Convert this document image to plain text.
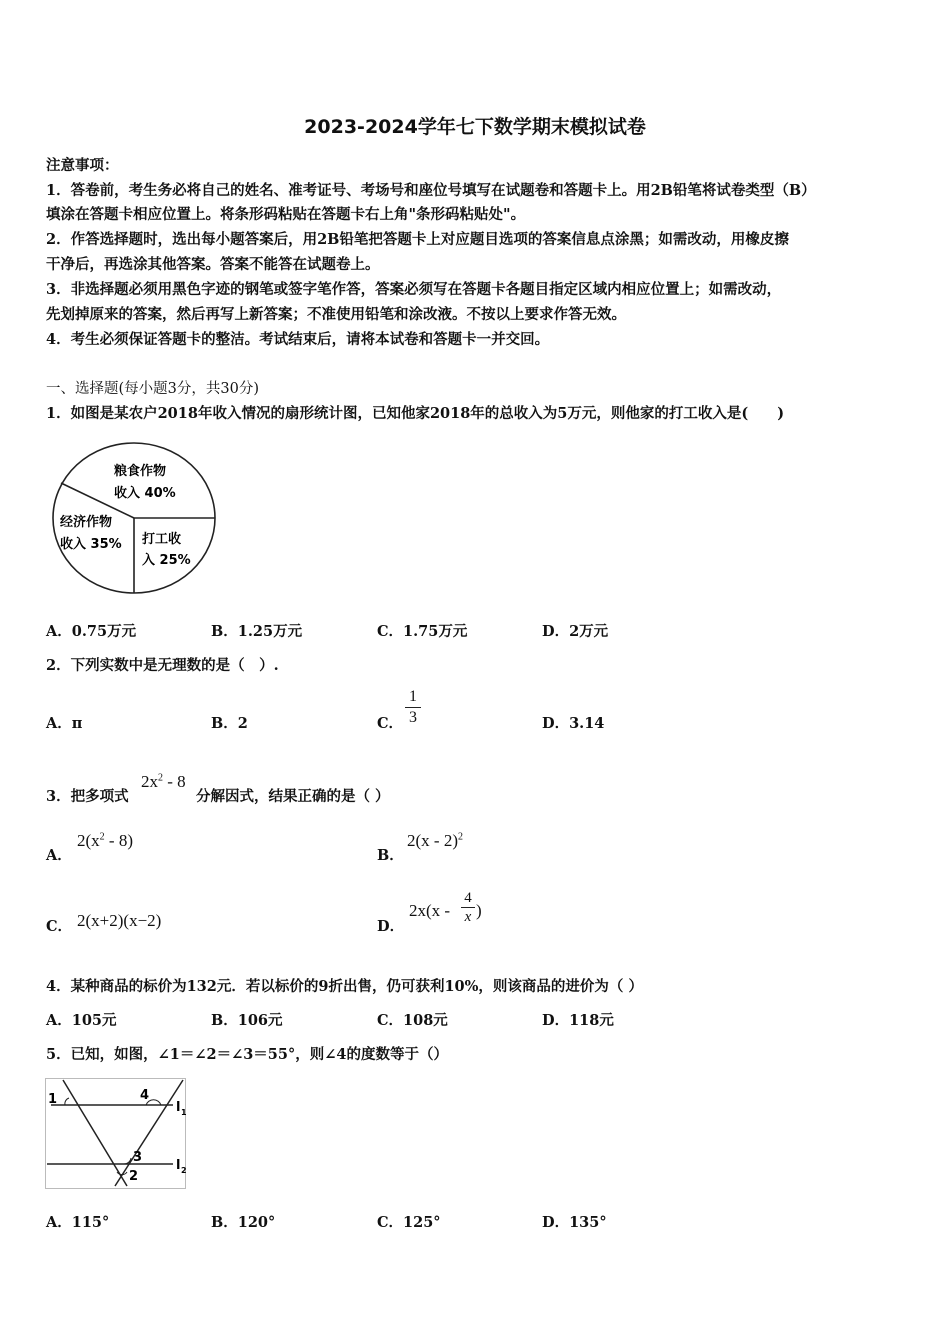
2023-2024学年七下数学期末模拟试卷
注意事项：
1．答卷前，考生务必将自己的姓名、准考证号、考场号和座位号填写在试题卷和答题卡上。用2B铅笔将试卷类型（B）
填涂在答题卡相应位置上。将条形码粘贴在答题卡右上角"条形码粘贴处"。
2．作答选择题时，选出每小题答案后，用2B铅笔把答题卡上对应题目选项的答案信息点涂黑；如需改动，用橡皮擦
干净后，再选涂其他答案。答案不能答在试题卷上。
3．非选择题必须用黑色字迹的钢笔或签字笔作答，答案必须写在答题卡各题目指定区域内相应位置上；如需改动，
先划掉原来的答案，然后再写上新答案；不准使用铅笔和涂改液。不按以上要求作答无效。
4．考生必须保证答题卡的整洁。考试结束后，请将本试卷和答题卡一并交回。
一、选择题(每小题3分，共30分)
1．如图是某农户2018年收入情况的扇形统计图，已知他家2018年的总收入为5万元，则他家的打工收入是(　　)
粮食作物
收入 40%
经济作物
收入 35% 打工收
入 25%
A．0.75万元	B．1.25万元	C．1.75万元	D．2万元
2．下列实数中是无理数的是（　）.
A．π	B．2	C．
1
3	D．3.14
3．把多项式
$2x^2 - 8$
分解因式，结果正确的是（ ）
A．
$2(x^2 - 8)$
B．
2(x - 2)$^2$
C． 2(x+2)(x−2)	D．
2x(x -
4
x )
4．某种商品的标价为132元．若以标价的9折出售，仍可获利10%，则该商品的进价为（ ）
A．105元	B．106元	C．108元	D．118元
5．已知，如图，∠1＝∠2＝∠3＝55°，则∠4的度数等于（）
1	4
3
2
l 1
l 2
A．115°	B．120°	C．125°	D．135°
